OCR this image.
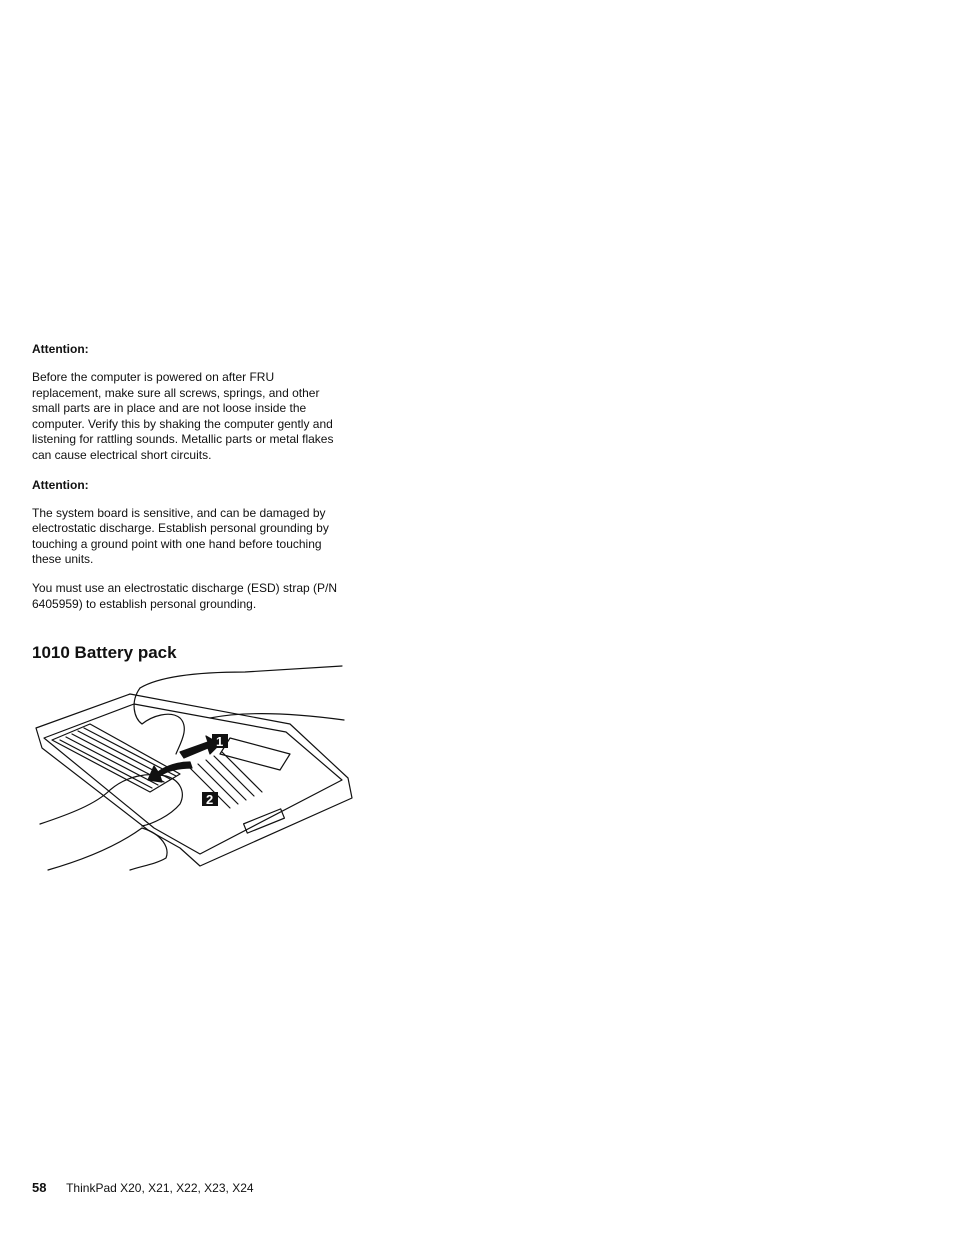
Attention:
Before the computer is powered on after FRU
replacement, make sure all screws, springs, and other
small parts are in place and are not loose inside the
computer. Verify this by shaking the computer gently and
listening for rattling sounds. Metallic parts or metal flakes
can cause electrical short circuits.
Attention:
The system board is sensitive, and can be damaged by
electrostatic discharge. Establish personal grounding by
touching a ground point with one hand before touching
these units.
You must use an electrostatic discharge (ESD) strap (P/N
6405959) to establish personal grounding.
1010 Battery pack
1
2
58 ThinkPad X20, X21, X22, X23, X24
